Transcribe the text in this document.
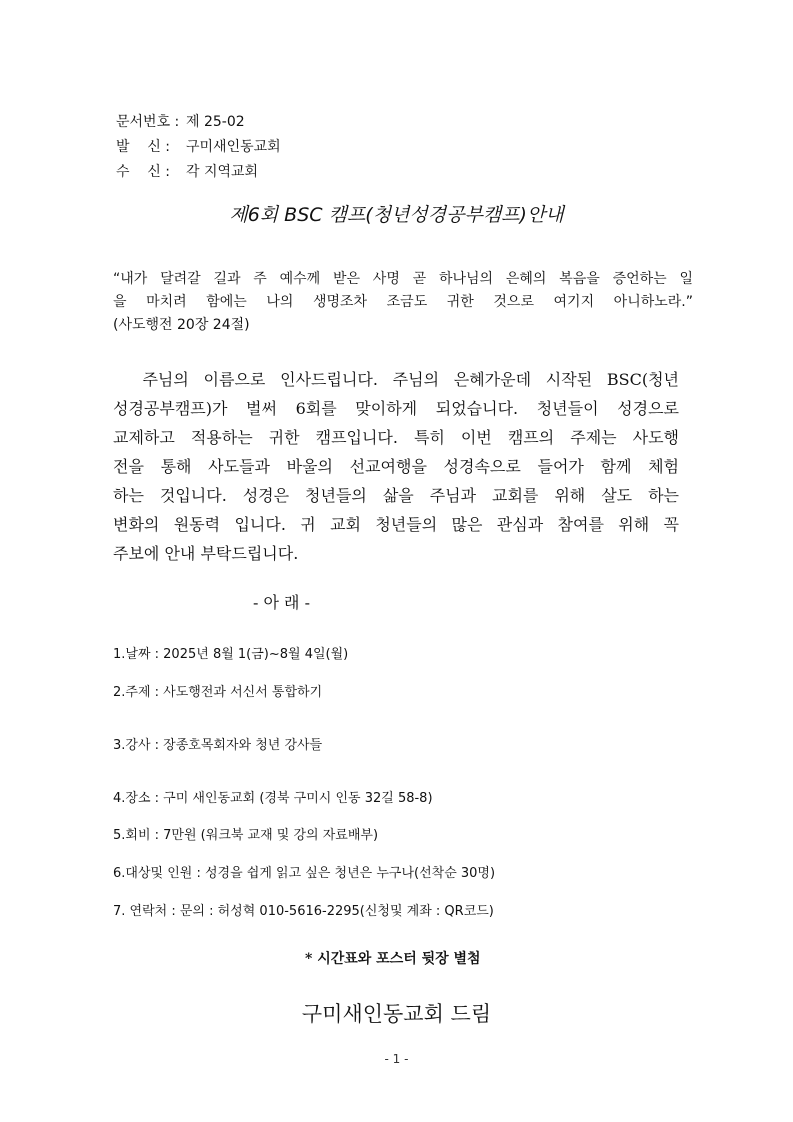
문서번호 : 제 25-02
발    신 :	구미새인동교회
수    신 :	각 지역교회
제6회 BSC 캠프(청년성경공부캠프)안내
“내가 달려갈 길과 주 예수께 받은 사명 곧 하나님의 은혜의 복음을 증언하는 일
을 마치려 함에는 나의 생명조차 조금도 귀한 것으로 여기지 아니하노라.”
(사도행전 20장 24절)
주님의 이름으로 인사드립니다. 주님의 은혜가운데 시작된 BSC(청년
성경공부캠프)가 벌써 6회를 맞이하게 되었습니다. 청년들이 성경으로
교제하고 적용하는 귀한 캠프입니다. 특히 이번 캠프의 주제는 사도행
전을 통해 사도들과 바울의 선교여행을 성경속으로 들어가 함께 체험
하는 것입니다. 성경은 청년들의 삶을 주님과 교회를 위해 살도 하는
변화의 원동력 입니다. 귀 교회 청년들의 많은 관심과 참여를 위해 꼭
주보에 안내 부탁드립니다.
- 아 래 -
1.날짜 : 2025년 8월 1(금)~8월 4일(월)
2.주제 : 사도행전과 서신서 통합하기
3.강사 : 장종호목회자와 청년 강사들
4.장소 : 구미 새인동교회 (경북 구미시 인동 32길 58-8)
5.회비 : 7만원 (워크북 교재 및 강의 자료배부)
6.대상및 인원 : 성경을 쉽게 읽고 싶은 청년은 누구나(선착순 30명)
7. 연락처 : 문의 : 허성혁 010-5616-2295(신청및 계좌 : QR코드)
* 시간표와 포스터 뒷장 별첨
구미새인동교회 드림
- 1 -
